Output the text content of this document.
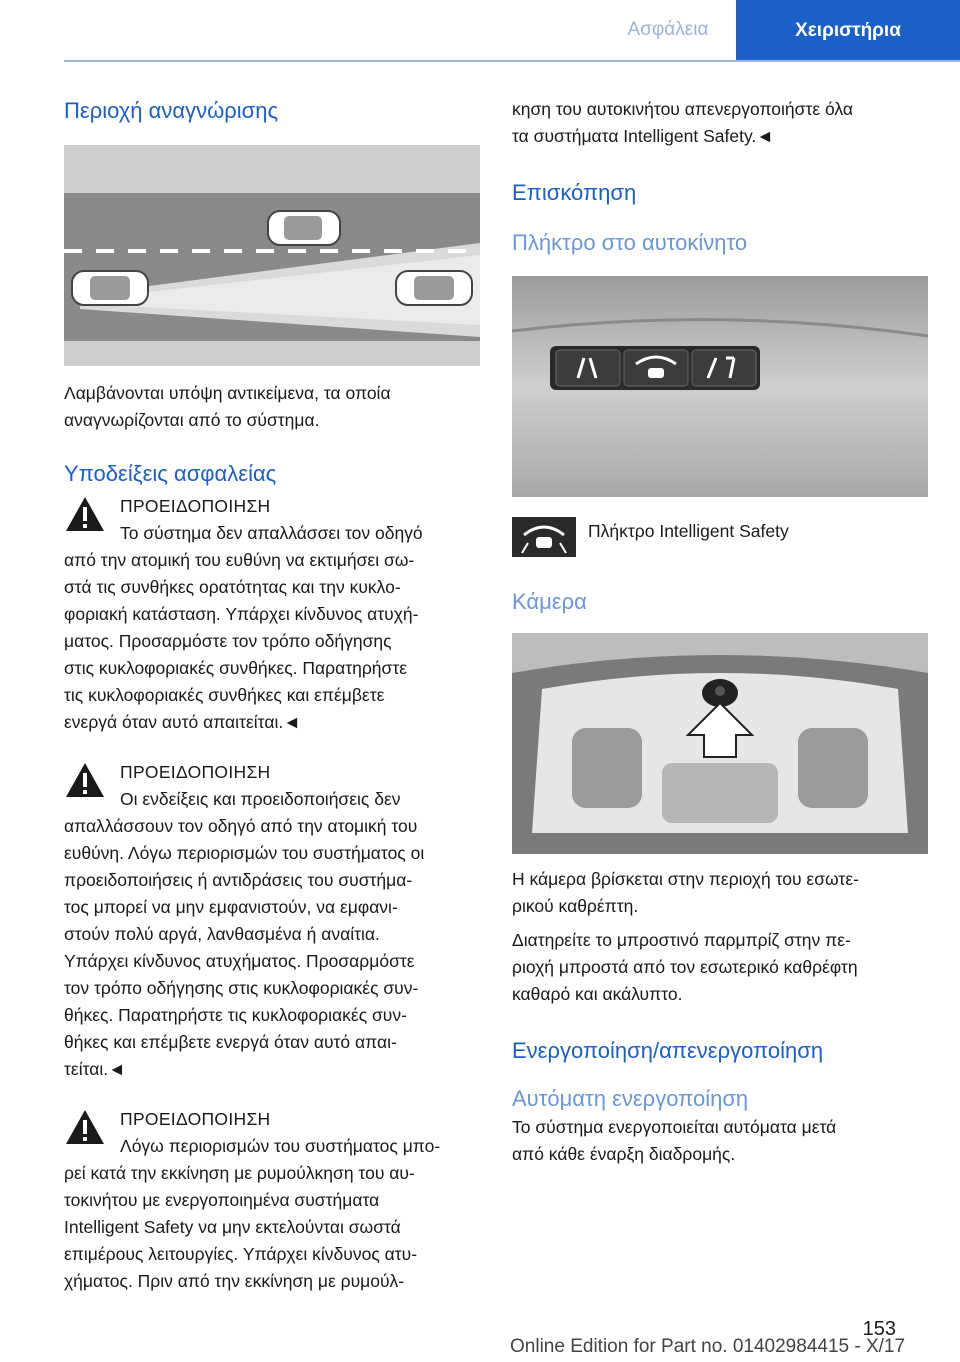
Ασφάλεια	Χειριστήρια
Περιοχή αναγνώρισης

Λαμβάνονται υπόψη αντικείμενα, τα οποία
αναγνωρίζονται από το σύστημα.

Υποδείξεις ασφαλείας
ΠΡΟΕΙΔΟΠΟΙΗΣΗ

Το σύστημα δεν απαλλάσσει τον οδηγό
από την ατομική του ευθύνη να εκτιμήσει σω-
στά τις συνθήκες ορατότητας και την κυκλο-
φοριακή κατάσταση. Υπάρχει κίνδυνος ατυχή-
ματος. Προσαρμόστε τον τρόπο οδήγησης
στις κυκλοφοριακές συνθήκες. Παρατηρήστε
τις κυκλοφοριακές συνθήκες και επέμβετε
ενεργά όταν αυτό απαιτείται.◄

ΠΡΟΕΙΔΟΠΟΙΗΣΗ

Οι ενδείξεις και προειδοποιήσεις δεν
απαλλάσσουν τον οδηγό από την ατομική του
ευθύνη. Λόγω περιορισμών του συστήματος οι
προειδοποιήσεις ή αντιδράσεις του συστήμα-
τος μπορεί να μην εμφανιστούν, να εμφανι-
στούν πολύ αργά, λανθασμένα ή αναίτια.
Υπάρχει κίνδυνος ατυχήματος. Προσαρμόστε
τον τρόπο οδήγησης στις κυκλοφοριακές συν-
θήκες. Παρατηρήστε τις κυκλοφοριακές συν-
θήκες και επέμβετε ενεργά όταν αυτό απαι-
τείται.◄

ΠΡΟΕΙΔΟΠΟΙΗΣΗ

Λόγω περιορισμών του συστήματος μπο-
ρεί κατά την εκκίνηση με ρυμούλκηση του αυ-
τοκινήτου με ενεργοποιημένα συστήματα
Intelligent Safety να μην εκτελούνται σωστά
επιμέρους λειτουργίες. Υπάρχει κίνδυνος ατυ-
χήματος. Πριν από την εκκίνηση με ρυμούλ-

κηση του αυτοκινήτου απενεργοποιήστε όλα
τα συστήματα Intelligent Safety.◄

Επισκόπηση
Πλήκτρο στο αυτοκίνητο
Πλήκτρο Intelligent Safety
Κάμερα

Η κάμερα βρίσκεται στην περιοχή του εσωτε-
ρικού καθρέπτη.

Διατηρείτε το μπροστινό παρμπρίζ στην πε-
ριοχή μπροστά από τον εσωτερικό καθρέφτη
καθαρό και ακάλυπτο.

Ενεργοποίηση/απενεργοποίηση
Αυτόματη ενεργοποίηση

Το σύστημα ενεργοποιείται αυτόματα μετά
από κάθε έναρξη διαδρομής.

153
Online Edition for Part no. 01402984415 - X/17
